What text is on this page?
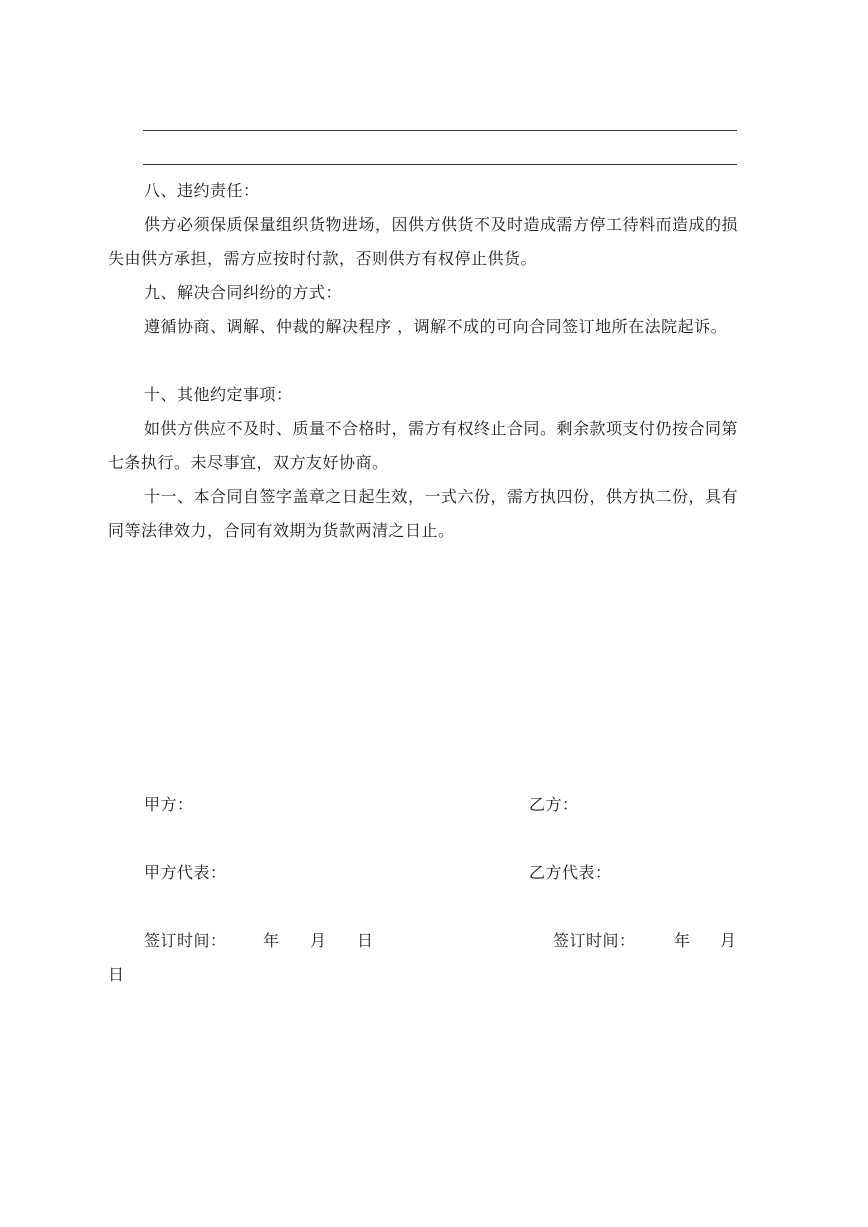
八、违约责任：
供方必须保质保量组织货物进场，因供方供货不及时造成需方停工待料而造成的损失由供方承担，需方应按时付款，否则供方有权停止供货。
九、解决合同纠纷的方式：
遵循协商、调解、仲裁的解决程序 ，调解不成的可向合同签订地所在法院起诉。
十、其他约定事项：
如供方供应不及时、质量不合格时，需方有权终止合同。剩余款项支付仍按合同第七条执行。未尽事宜，双方友好协商。
十一、本合同自签字盖章之日起生效，一式六份，需方执四份，供方执二份，具有同等法律效力，合同有效期为货款两清之日止。
甲方：	乙方：
甲方代表：	乙方代表：
签订时间： 年 月 日	签订时间： 年 月
日
